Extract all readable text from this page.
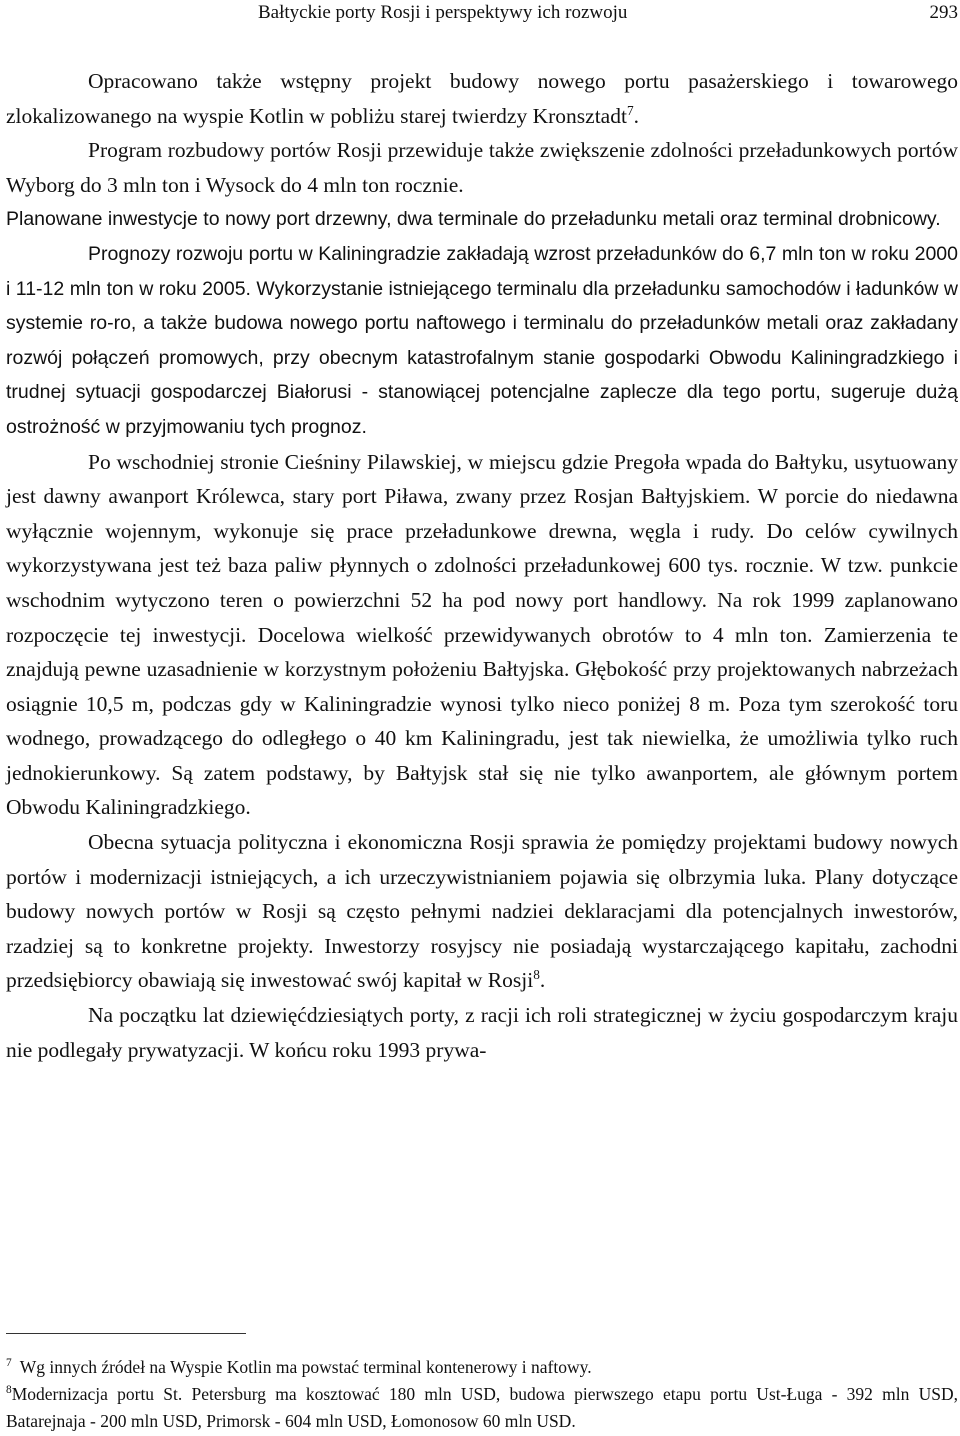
Bałtyckie porty Rosji i perspektywy ich rozwoju	293

Opracowano także wstępny projekt budowy nowego portu pasażerskiego i towarowego zlokalizowanego na wyspie Kotlin w pobliżu starej twierdzy Kronsztadt$^7$.

Program rozbudowy portów Rosji przewiduje także zwiększenie zdolności przeładunkowych portów Wyborg do 3 mln ton i Wysock do 4 mln ton rocznie.

Planowane inwestycje to nowy port drzewny, dwa terminale do przeładunku metali oraz terminal drobnicowy.

Prognozy rozwoju portu w Kaliningradzie zakładają wzrost przeładunków do 6,7 mln ton w roku 2000 i 11-12 mln ton w roku 2005. Wykorzystanie istniejącego terminalu dla przeładunku samochodów i ładunków w systemie ro-ro, a także budowa nowego portu naftowego i terminalu do przeładunków metali oraz zakładany rozwój połączeń promowych, przy obecnym katastrofalnym stanie gospodarki Obwodu Kaliningradzkiego i trudnej sytuacji gospodarczej Białorusi - stanowiącej potencjalne zaplecze dla tego portu, sugeruje dużą ostrożność w przyjmowaniu tych prognoz.

Po wschodniej stronie Cieśniny Pilawskiej, w miejscu gdzie Pregoła wpada do Bałtyku, usytuowany jest dawny awanport Królewca, stary port Piława, zwany przez Rosjan Bałtyjskiem. W porcie do niedawna wyłącznie wojennym, wykonuje się prace przeładunkowe drewna, węgla i rudy. Do celów cywilnych wykorzystywana jest też baza paliw płynnych o zdolności przeładunkowej 600 tys. rocznie. W tzw. punkcie wschodnim wytyczono teren o powierzchni 52 ha pod nowy port handlowy. Na rok 1999 zaplanowano rozpoczęcie tej inwestycji. Docelowa wielkość przewidywanych obrotów to 4 mln ton. Zamierzenia te znajdują pewne uzasadnienie w korzystnym położeniu Bałtyjska. Głębokość przy projektowanych nabrzeżach osiągnie 10,5 m, podczas gdy w Kaliningradzie wynosi tylko nieco poniżej 8 m. Poza tym szerokość toru wodnego, prowadzącego do odległego o 40 km Kaliningradu, jest tak niewielka, że umożliwia tylko ruch jednokierunkowy. Są zatem podstawy, by Bałtyjsk stał się nie tylko awanportem, ale głównym portem Obwodu Kaliningradzkiego.

Obecna sytuacja polityczna i ekonomiczna Rosji sprawia że pomiędzy projektami budowy nowych portów i modernizacji istniejących, a ich urzeczywistnianiem pojawia się olbrzymia luka. Plany dotyczące budowy nowych portów w Rosji są często pełnymi nadziei deklaracjami dla potencjalnych inwestorów, rzadziej są to konkretne projekty. Inwestorzy rosyjscy nie posiadają wystarczającego kapitału, zachodni przedsiębiorcy obawiają się inwestować swój kapitał w Rosji$^8$.

Na początku lat dziewięćdziesiątych porty, z racji ich roli strategicznej w życiu gospodarczym kraju nie podlegały prywatyzacji. W końcu roku 1993 prywa-

$^7$ Wg innych źródeł na Wyspie Kotlin ma powstać terminal kontenerowy i naftowy.

$^8$Modernizacja portu St. Petersburg ma kosztować 180 mln USD, budowa pierwszego etapu portu Ust-Ługa - 392 mln USD, Batarejnaja - 200 mln USD, Primorsk - 604 mln USD, Łomonosow 60 mln USD.
